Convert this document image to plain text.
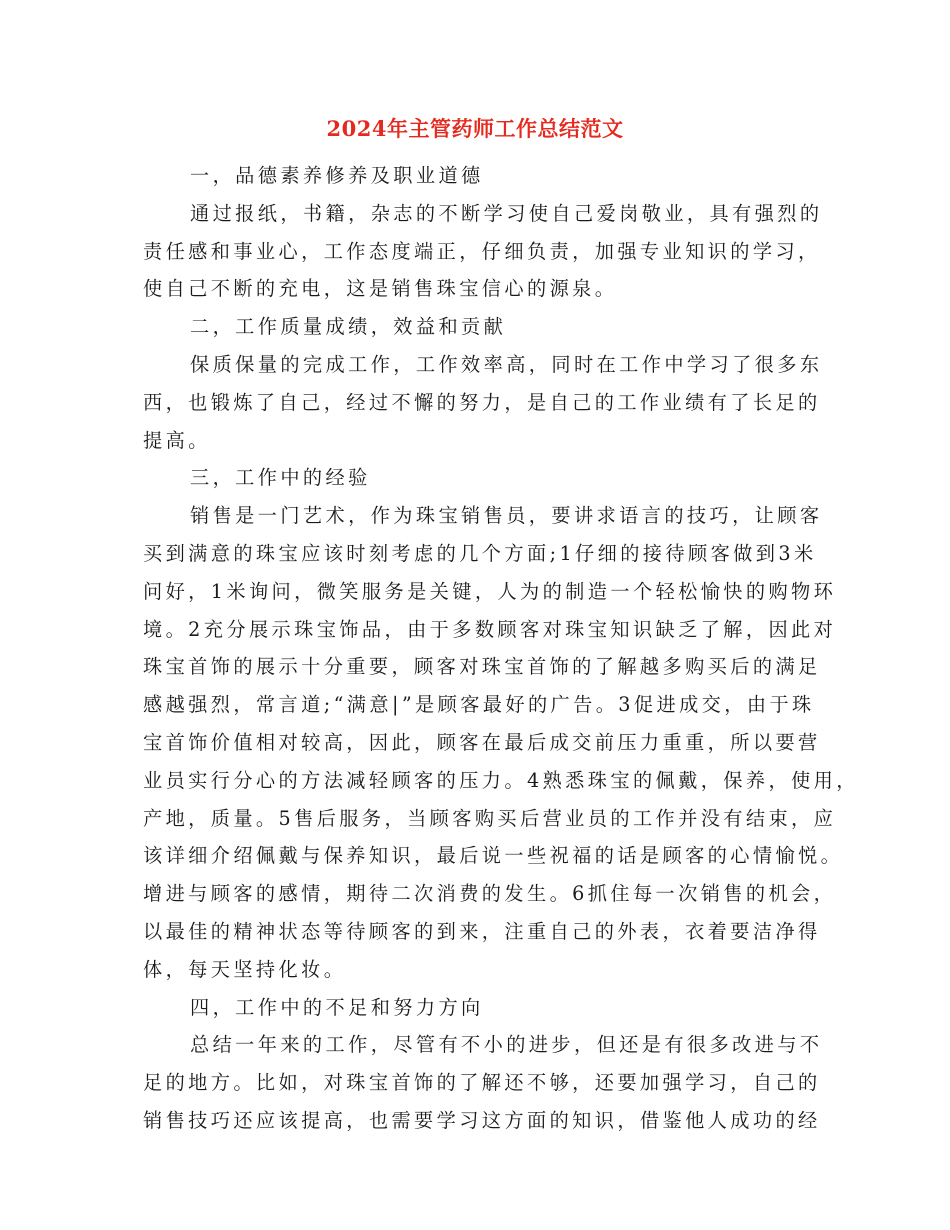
2024年主管药师工作总结范文
一，品德素养修养及职业道德
通过报纸，书籍，杂志的不断学习使自己爱岗敬业，具有强烈的
责任感和事业心，工作态度端正，仔细负责，加强专业知识的学习，
使自己不断的充电，这是销售珠宝信心的源泉。
二，工作质量成绩，效益和贡献
保质保量的完成工作，工作效率高，同时在工作中学习了很多东
西，也锻炼了自己，经过不懈的努力，是自己的工作业绩有了长足的
提高。
三，工作中的经验
销售是一门艺术，作为珠宝销售员，要讲求语言的技巧，让顾客
买到满意的珠宝应该时刻考虑的几个方面;1仔细的接待顾客做到3米
问好，1米询问，微笑服务是关键，人为的制造一个轻松愉快的购物环
境。2充分展示珠宝饰品，由于多数顾客对珠宝知识缺乏了解，因此对
珠宝首饰的展示十分重要，顾客对珠宝首饰的了解越多购买后的满足
感越强烈，常言道;“满意|”是顾客最好的广告。3促进成交，由于珠
宝首饰价值相对较高，因此，顾客在最后成交前压力重重，所以要营
业员实行分心的方法减轻顾客的压力。4熟悉珠宝的佩戴，保养，使用，
产地，质量。5售后服务，当顾客购买后营业员的工作并没有结束，应
该详细介绍佩戴与保养知识，最后说一些祝福的话是顾客的心情愉悦。
增进与顾客的感情，期待二次消费的发生。6抓住每一次销售的机会，
以最佳的精神状态等待顾客的到来，注重自己的外表，衣着要洁净得
体，每天坚持化妆。
四，工作中的不足和努力方向
总结一年来的工作，尽管有不小的进步，但还是有很多改进与不
足的地方。比如，对珠宝首饰的了解还不够，还要加强学习，自己的
销售技巧还应该提高，也需要学习这方面的知识，借鉴他人成功的经
